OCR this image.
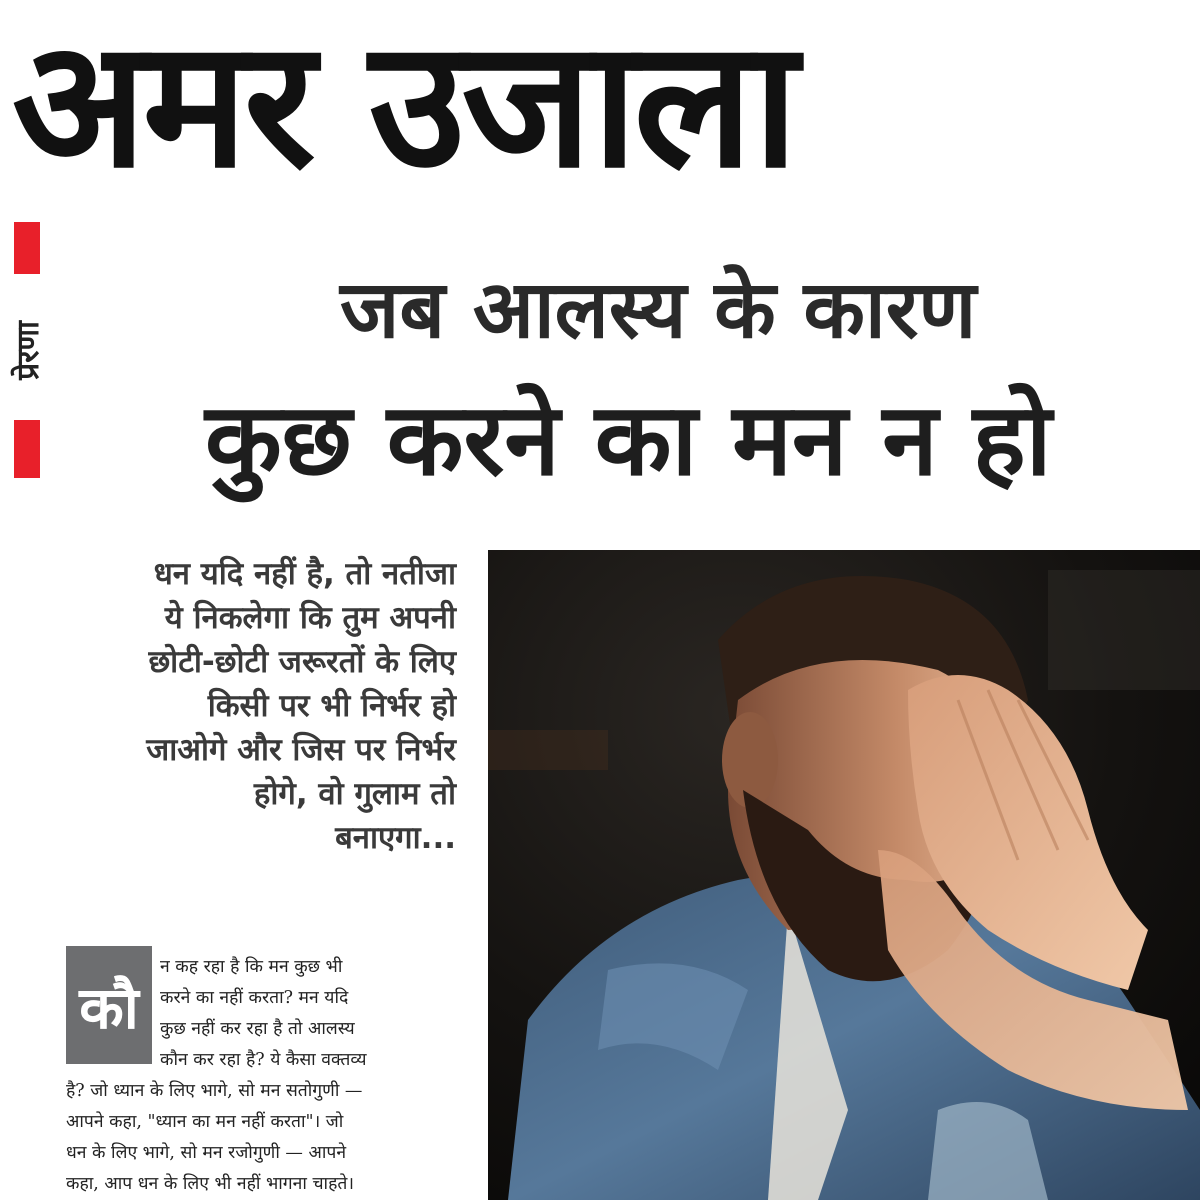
अमर उजाला
प्रेरणा	जब आलस्य के कारण
कुछ करने का मन न हो
धन यदि नहीं है, तो नतीजा
ये निकलेगा कि तुम अपनी
छोटी-छोटी जरूरतों के लिए
किसी पर भी निर्भर हो
जाओगे और जिस पर निर्भर
होगे, वो गुलाम तो
बनाएगा...
कौ
न कह रहा है कि मन कुछ भी
करने का नहीं करता? मन यदि
कुछ नहीं कर रहा है तो आलस्य
कौन कर रहा है? ये कैसा वक्तव्य
है? जो ध्यान के लिए भागे, सो मन सतोगुणी —
आपने कहा, "ध्यान का मन नहीं करता"। जो
धन के लिए भागे, सो मन रजोगुणी — आपने
कहा, आप धन के लिए भी नहीं भागना चाहते।
